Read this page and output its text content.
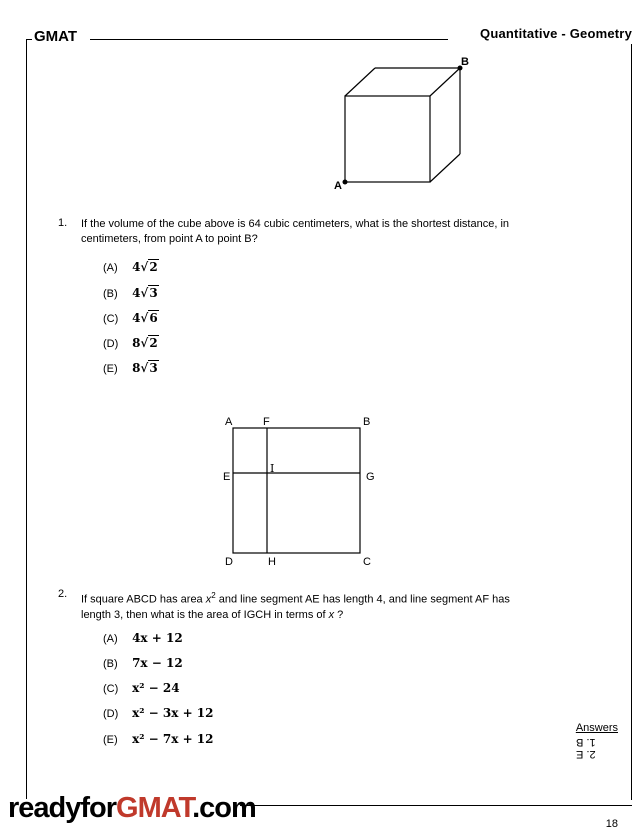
GMAT	Quantitative - Geometry
B
A
1. If the volume of the cube above is 64 cubic centimeters, what is the shortest distance, in
centimeters, from point A to point B?
(A) 4√2
(B) 4√3
(C) 4√6
(D) 8√2
(E) 8√3
A	F	B
E
I
G
D	H	C
2. If square ABCD has area $x^2$ and line segment AE has length 4, and line segment AF has
length 3, then what is the area of IGCH in terms of x ?
(A) 4x + 12
(B) 7x − 12
(C) x² − 24
(D) x² − 3x + 12
(E) x² − 7x + 12
Answers
2. E
1. B
readyforGMAT.com	18
